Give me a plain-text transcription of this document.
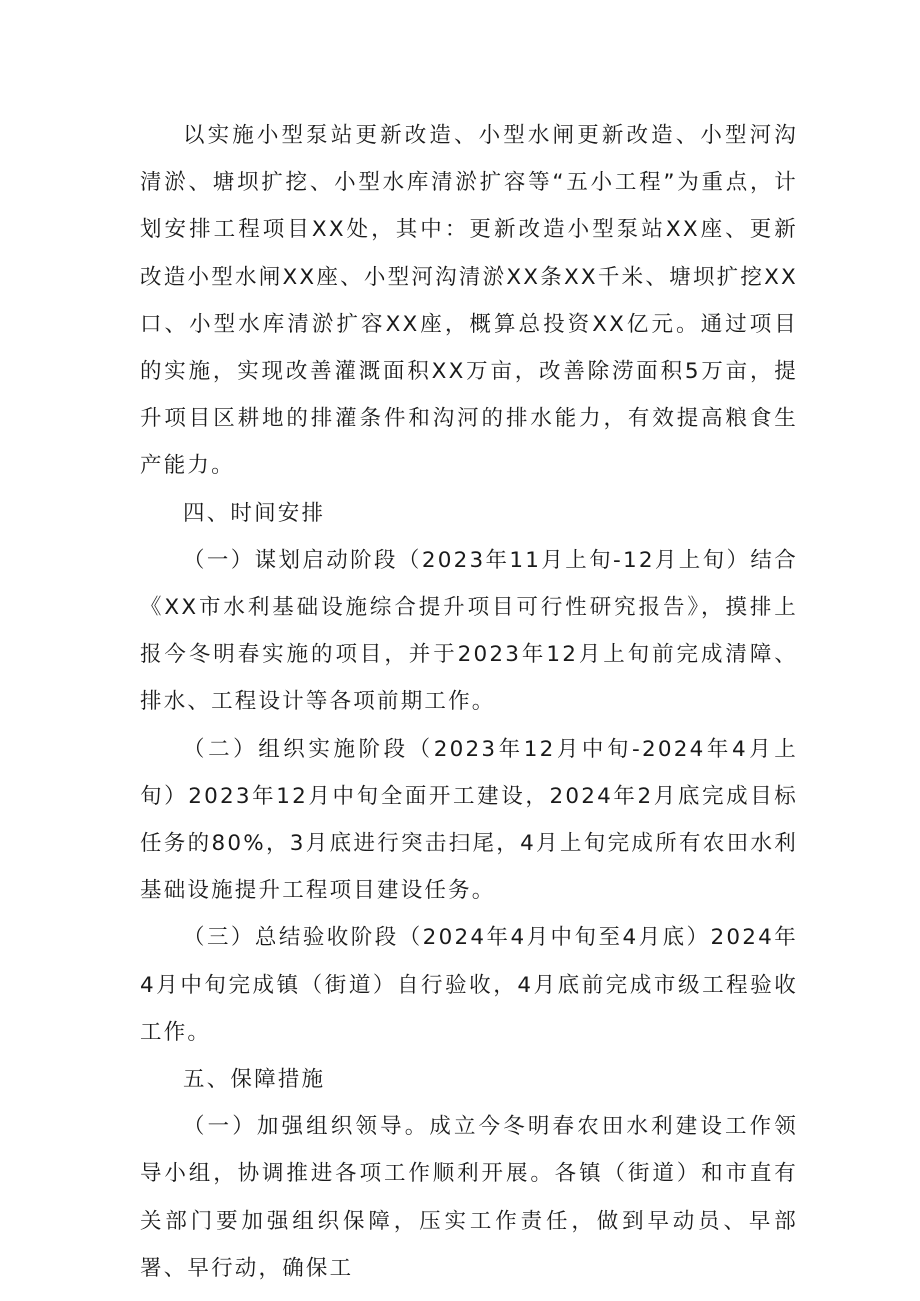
以实施小型泵站更新改造、小型水闸更新改造、小型河沟清淤、塘坝扩挖、小型水库清淤扩容等“五小工程”为重点，计划安排工程项目XX处，其中：更新改造小型泵站XX座、更新改造小型水闸XX座、小型河沟清淤XX条XX千米、塘坝扩挖XX口、小型水库清淤扩容XX座，概算总投资XX亿元。通过项目的实施，实现改善灌溉面积XX万亩，改善除涝面积5万亩，提升项目区耕地的排灌条件和沟河的排水能力，有效提高粮食生产能力。

四、时间安排

（一）谋划启动阶段（2023年11月上旬-12月上旬）结合《XX市水利基础设施综合提升项目可行性研究报告》，摸排上报今冬明春实施的项目，并于2023年12月上旬前完成清障、排水、工程设计等各项前期工作。

（二）组织实施阶段（2023年12月中旬-2024年4月上旬）2023年12月中旬全面开工建设，2024年2月底完成目标任务的80%，3月底进行突击扫尾，4月上旬完成所有农田水利基础设施提升工程项目建设任务。

（三）总结验收阶段（2024年4月中旬至4月底）2024年4月中旬完成镇（街道）自行验收，4月底前完成市级工程验收工作。

五、保障措施

（一）加强组织领导。成立今冬明春农田水利建设工作领导小组，协调推进各项工作顺利开展。各镇（街道）和市直有关部门要加强组织保障，压实工作责任，做到早动员、早部署、早行动，确保工
